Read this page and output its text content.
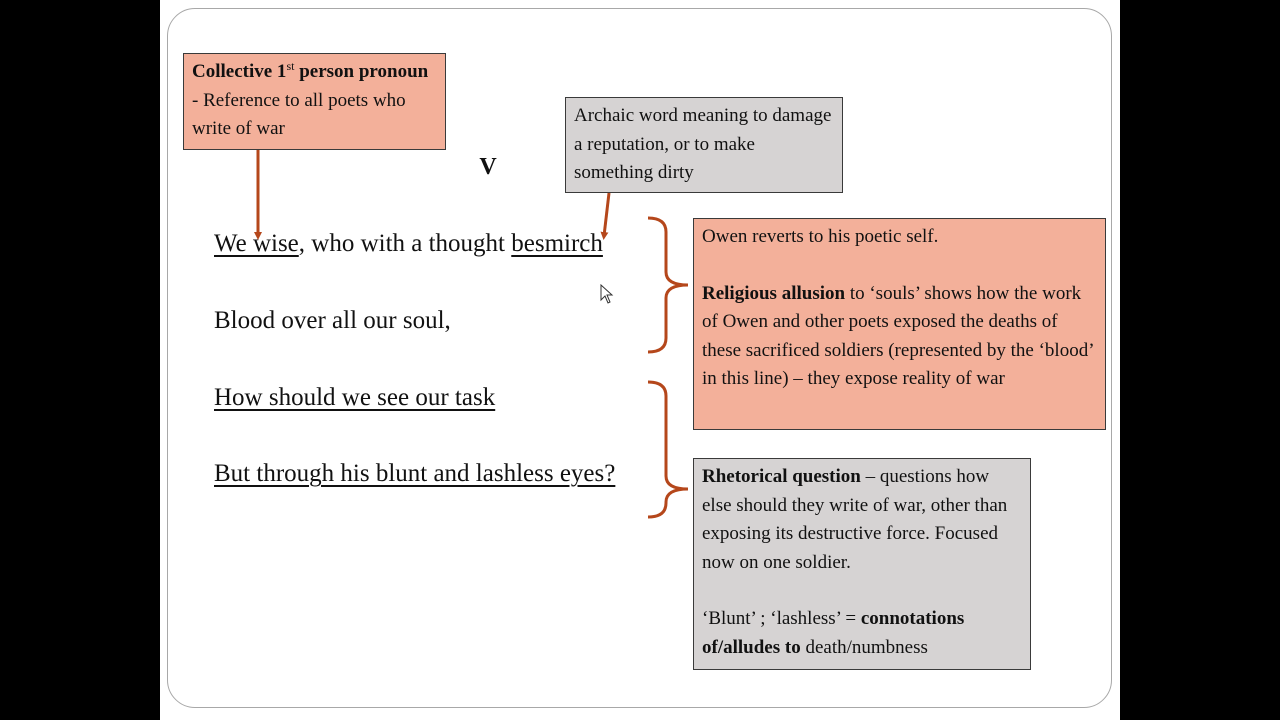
Collective 1st person pronoun - Reference to all poets who write of war
Archaic word meaning to damage a reputation, or to make something dirty
V
We wise, who with a thought besmirch
Blood over all our soul,
How should we see our task
But through his blunt and lashless eyes?
Owen reverts to his poetic self.
Religious allusion to ‘souls’ shows how the work of Owen and other poets exposed the deaths of these sacrificed soldiers (represented by the ‘blood’ in this line) – they expose reality of war
Rhetorical question – questions how else should they write of war, other than exposing its destructive force. Focused now on one soldier.
‘Blunt’ ; ‘lashless’ = connotations of/alludes to death/numbness
